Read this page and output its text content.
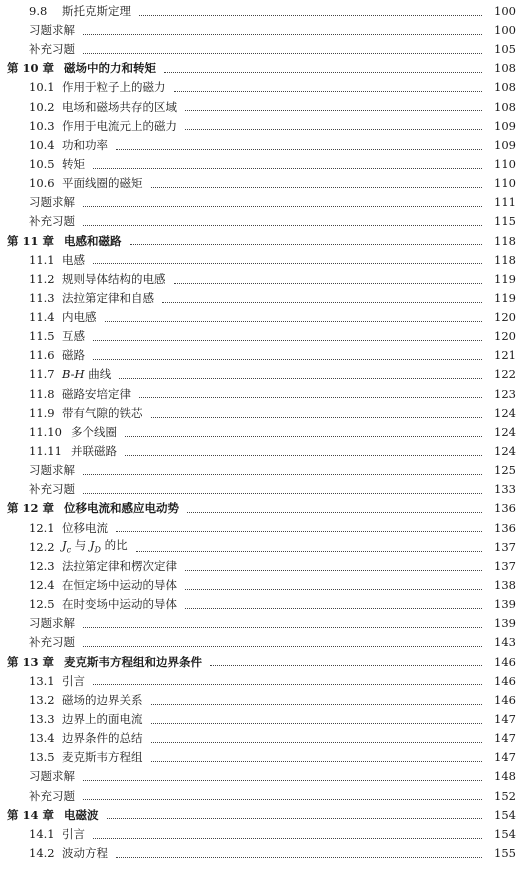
9.8	斯托克斯定理	100
习题求解	100
补充习题	105
第 10 章 磁场中的力和转矩	108
10.1 作用于粒子上的磁力	108
10.2 电场和磁场共存的区域	108
10.3 作用于电流元上的磁力	109
10.4 功和功率	109
10.5 转矩	110
10.6 平面线圈的磁矩	110
习题求解	111
补充习题	115
第 11 章 电感和磁路	118
11.1 电感	118
11.2 规则导体结构的电感	119
11.3 法拉第定律和自感	119
11.4 内电感	120
11.5 互感	120
11.6 磁路	121
11.7 B-H 曲线	122
11.8 磁路安培定律	123
11.9 带有气隙的铁芯	124
11.10 多个线圈	124
11.11 并联磁路	124
习题求解	125
补充习题	133
第 12 章 位移电流和感应电动势	136
12.1 位移电流	136
12.2 $J_c$ 与 $J_D$ 的比	137
12.3 法拉第定律和楞次定律	137
12.4 在恒定场中运动的导体	138
12.5 在时变场中运动的导体	139
习题求解	139
补充习题	143
第 13 章 麦克斯韦方程组和边界条件	146
13.1 引言	146
13.2 磁场的边界关系	146
13.3 边界上的面电流	147
13.4 边界条件的总结	147
13.5 麦克斯韦方程组	147
习题求解	148
补充习题	152
第 14 章 电磁波	154
14.1 引言	154
14.2 波动方程	155
